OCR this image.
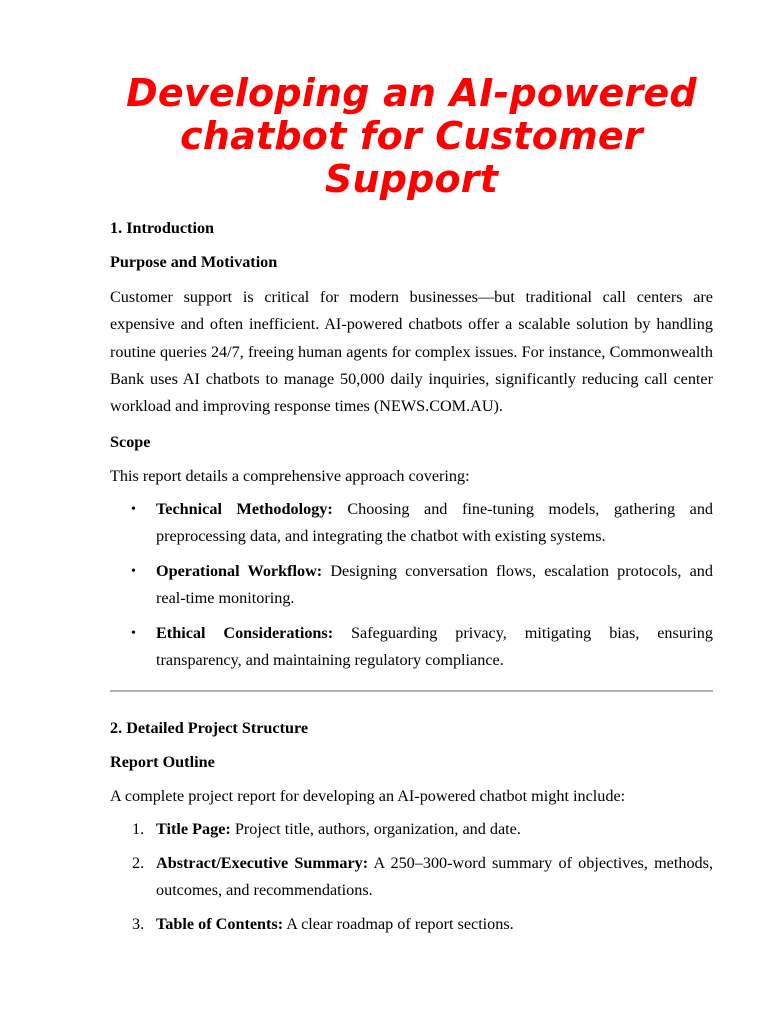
Developing an AI-powered chatbot for Customer Support
1. Introduction
Purpose and Motivation

Customer support is critical for modern businesses—but traditional call centers are expensive and often inefficient. AI-powered chatbots offer a scalable solution by handling routine queries 24/7, freeing human agents for complex issues. For instance, Commonwealth Bank uses AI chatbots to manage 50,000 daily inquiries, significantly reducing call center workload and improving response times (NEWS.COM.AU).

Scope

This report details a comprehensive approach covering:

• Technical Methodology: Choosing and fine-tuning models, gathering and preprocessing data, and integrating the chatbot with existing systems.
• Operational Workflow: Designing conversation flows, escalation protocols, and real-time monitoring.
• Ethical Considerations: Safeguarding privacy, mitigating bias, ensuring transparency, and maintaining regulatory compliance.
2. Detailed Project Structure
Report Outline

A complete project report for developing an AI-powered chatbot might include:

1. Title Page: Project title, authors, organization, and date.
2. Abstract/Executive Summary: A 250–300-word summary of objectives, methods, outcomes, and recommendations.
3. Table of Contents: A clear roadmap of report sections.
